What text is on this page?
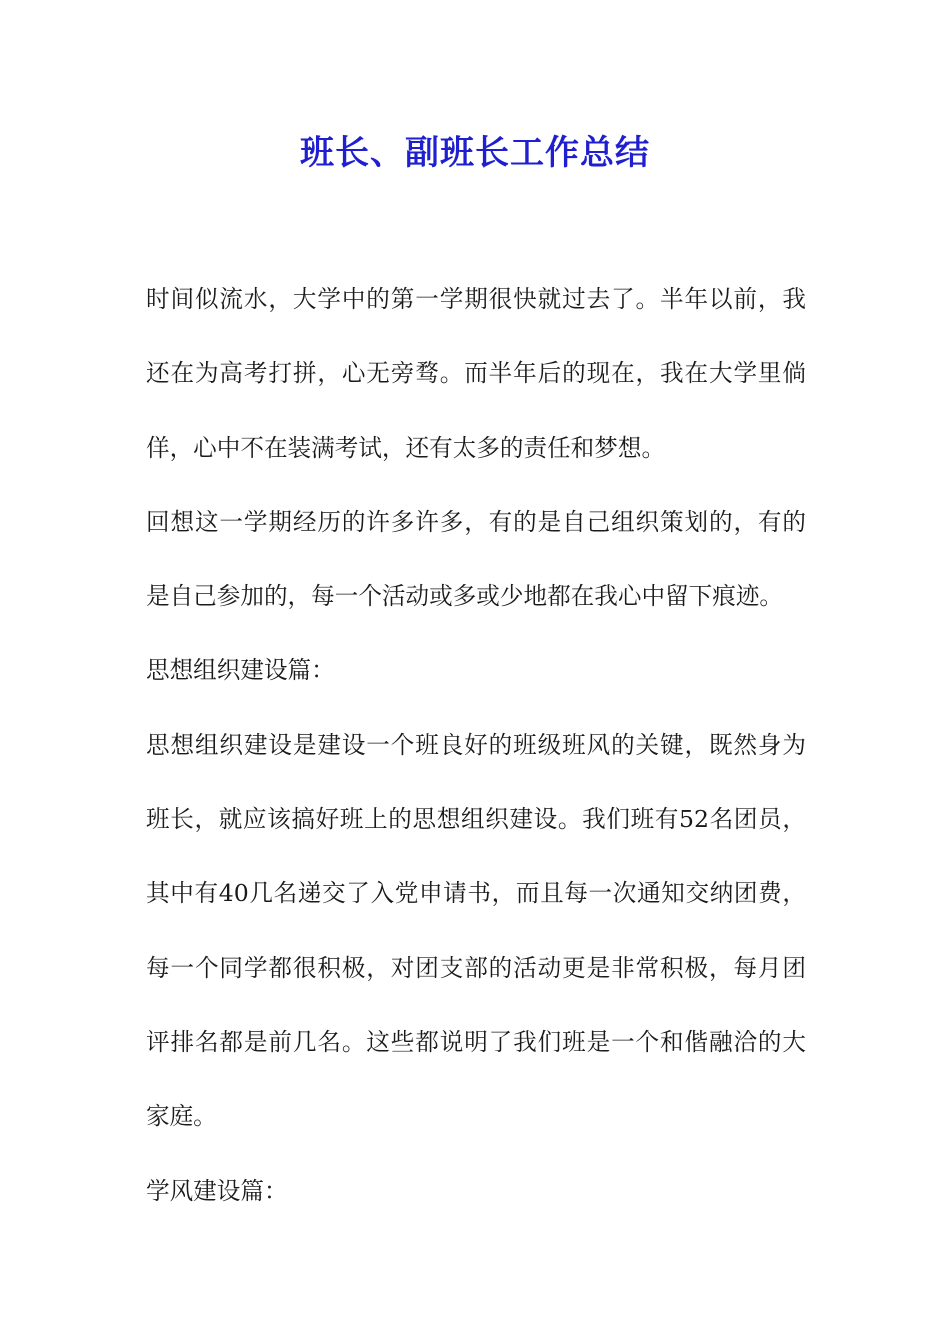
班长、副班长工作总结

时间似流水，大学中的第一学期很快就过去了。半年以前，我还在为高考打拼，心无旁骛。而半年后的现在，我在大学里倘佯，心中不在装满考试，还有太多的责任和梦想。

回想这一学期经历的许多许多，有的是自己组织策划的，有的是自己参加的，每一个活动或多或少地都在我心中留下痕迹。

思想组织建设篇：

思想组织建设是建设一个班良好的班级班风的关键，既然身为班长，就应该搞好班上的思想组织建设。我们班有52名团员，其中有40几名递交了入党申请书，而且每一次通知交纳团费，每一个同学都很积极，对团支部的活动更是非常积极，每月团评排名都是前几名。这些都说明了我们班是一个和偕融洽的大家庭。

学风建设篇：
